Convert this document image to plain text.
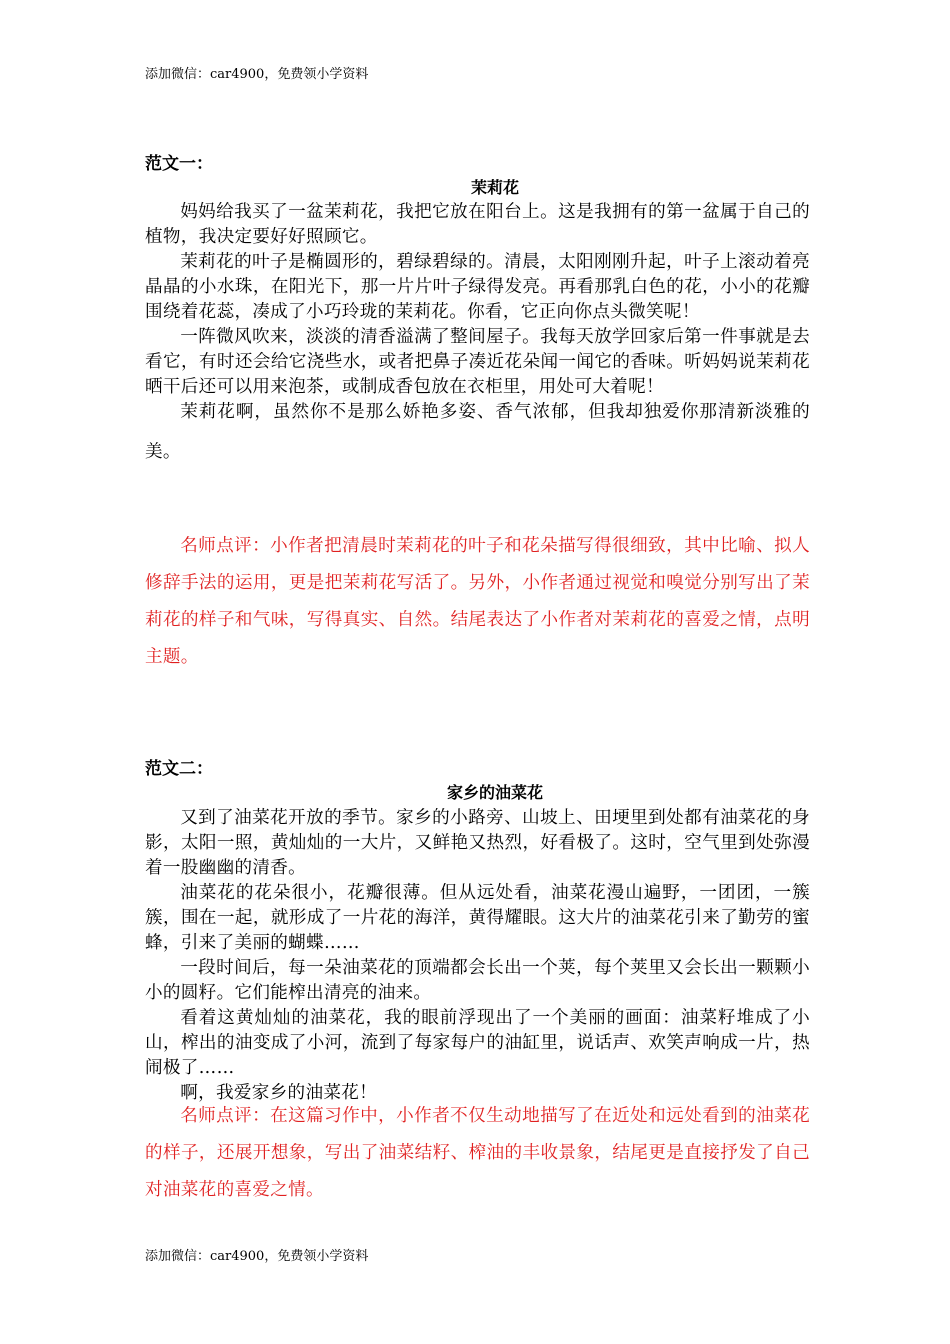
添加微信：car4900，免费领小学资料
范文一：
茉莉花

妈妈给我买了一盆茉莉花，我把它放在阳台上。这是我拥有的第一盆属于自己的植物，我决定要好好照顾它。

茉莉花的叶子是椭圆形的，碧绿碧绿的。清晨，太阳刚刚升起，叶子上滚动着亮晶晶的小水珠，在阳光下，那一片片叶子绿得发亮。再看那乳白色的花，小小的花瓣围绕着花蕊，凑成了小巧玲珑的茉莉花。你看，它正向你点头微笑呢！

一阵微风吹来，淡淡的清香溢满了整间屋子。我每天放学回家后第一件事就是去看它，有时还会给它浇些水，或者把鼻子凑近花朵闻一闻它的香味。听妈妈说茉莉花晒干后还可以用来泡茶，或制成香包放在衣柜里，用处可大着呢！

茉莉花啊，虽然你不是那么娇艳多姿、香气浓郁，但我却独爱你那清新淡雅的美。

名师点评：小作者把清晨时茉莉花的叶子和花朵描写得很细致，其中比喻、拟人修辞手法的运用，更是把茉莉花写活了。另外，小作者通过视觉和嗅觉分别写出了茉莉花的样子和气味，写得真实、自然。结尾表达了小作者对茉莉花的喜爱之情，点明主题。

范文二：
家乡的油菜花

又到了油菜花开放的季节。家乡的小路旁、山坡上、田埂里到处都有油菜花的身影，太阳一照，黄灿灿的一大片，又鲜艳又热烈，好看极了。这时，空气里到处弥漫着一股幽幽的清香。

油菜花的花朵很小，花瓣很薄。但从远处看，油菜花漫山遍野，一团团，一簇簇，围在一起，就形成了一片花的海洋，黄得耀眼。这大片的油菜花引来了勤劳的蜜蜂，引来了美丽的蝴蝶……

一段时间后，每一朵油菜花的顶端都会长出一个荚，每个荚里又会长出一颗颗小小的圆籽。它们能榨出清亮的油来。

看着这黄灿灿的油菜花，我的眼前浮现出了一个美丽的画面：油菜籽堆成了小山，榨出的油变成了小河，流到了每家每户的油缸里，说话声、欢笑声响成一片，热闹极了……

啊，我爱家乡的油菜花！

名师点评：在这篇习作中，小作者不仅生动地描写了在近处和远处看到的油菜花的样子，还展开想象，写出了油菜结籽、榨油的丰收景象，结尾更是直接抒发了自己对油菜花的喜爱之情。

添加微信：car4900，免费领小学资料
